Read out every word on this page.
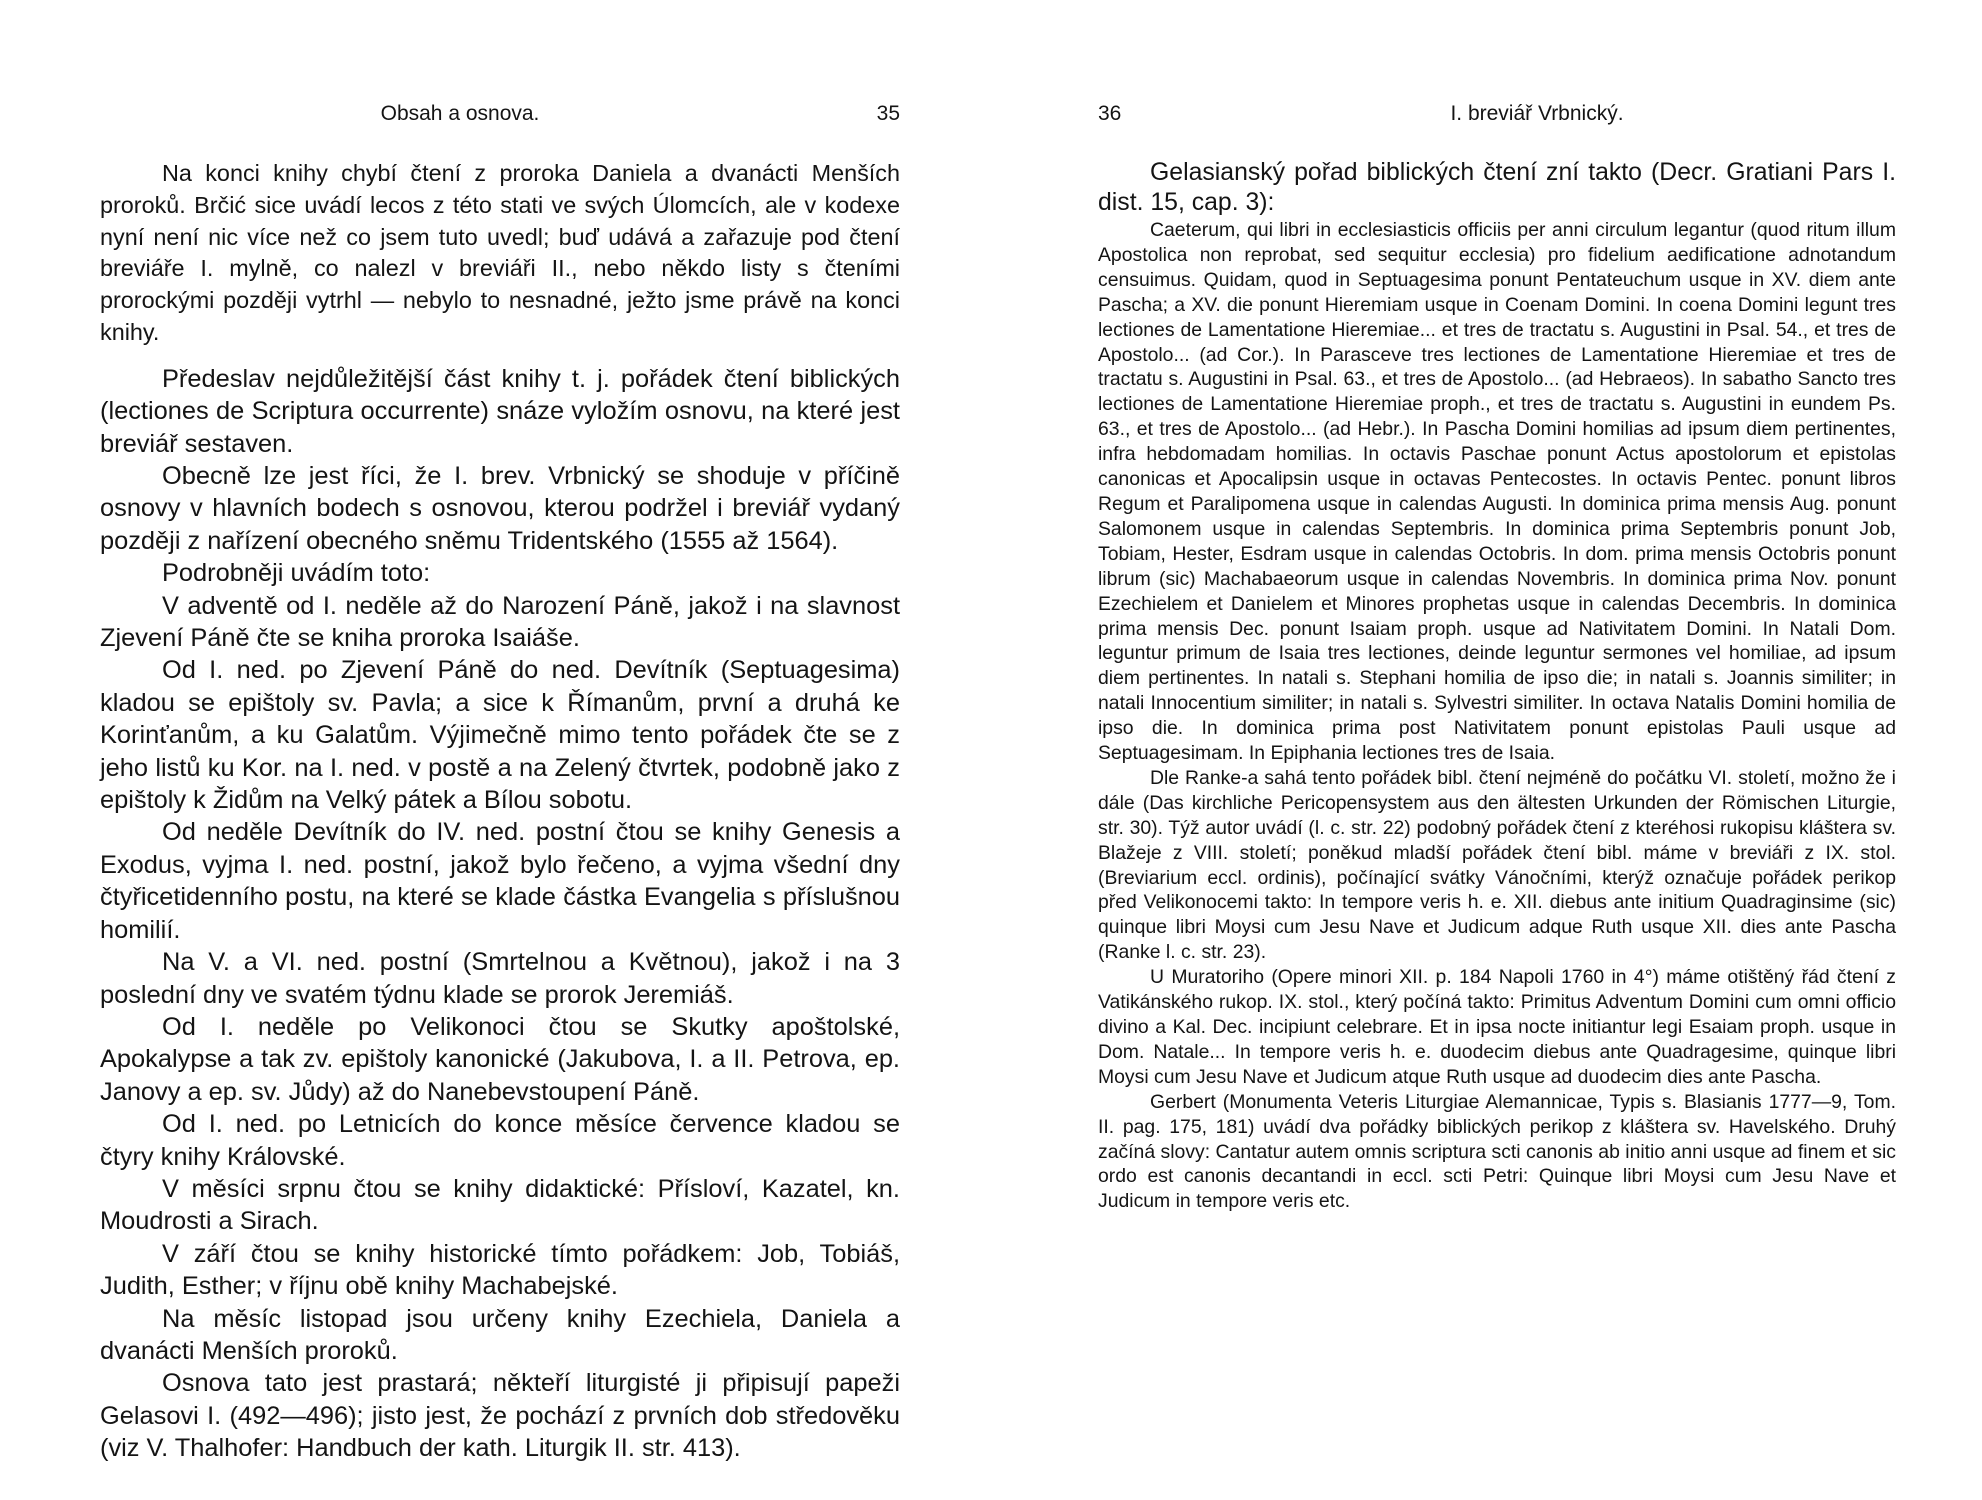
Obsah a osnova.	35

Na konci knihy chybí čtení z proroka Daniela a dvanácti Menších proroků. Brčić sice uvádí lecos z této stati ve svých Úlomcích, ale v kodexe nyní není nic více než co jsem tuto uvedl; buď udává a zařazuje pod čtení breviáře I. mylně, co nalezl v breviáři II., nebo někdo listy s čteními prorockými později vytrhl — nebylo to nesnadné, ježto jsme právě na konci knihy.

Předeslav nejdůležitější část knihy t. j. pořádek čtení biblických (lectiones de Scriptura occurrente) snáze vyložím osnovu, na které jest breviář sestaven.

Obecně lze jest říci, že I. brev. Vrbnický se shoduje v příčině osnovy v hlavních bodech s osnovou, kterou podržel i breviář vydaný později z nařízení obecného sněmu Tridentského (1555 až 1564).

Podrobněji uvádím toto:

V adventě od I. neděle až do Narození Páně, jakož i na slavnost Zjevení Páně čte se kniha proroka Isaiáše.

Od I. ned. po Zjevení Páně do ned. Devítník (Septuagesima) kladou se epištoly sv. Pavla; a sice k Římanům, první a druhá ke Korinťanům, a ku Galatům. Výjimečně mimo tento pořádek čte se z jeho listů ku Kor. na I. ned. v postě a na Zelený čtvrtek, podobně jako z epištoly k Židům na Velký pátek a Bílou sobotu.

Od neděle Devítník do IV. ned. postní čtou se knihy Genesis a Exodus, vyjma I. ned. postní, jakož bylo řečeno, a vyjma všední dny čtyřicetidenního postu, na které se klade částka Evangelia s příslušnou homilií.

Na V. a VI. ned. postní (Smrtelnou a Květnou), jakož i na 3 poslední dny ve svatém týdnu klade se prorok Jeremiáš.

Od I. neděle po Velikonoci čtou se Skutky apoštolské, Apokalypse a tak zv. epištoly kanonické (Jakubova, I. a II. Petrova, ep. Janovy a ep. sv. Jůdy) až do Nanebevstoupení Páně.

Od I. ned. po Letnicích do konce měsíce července kladou se čtyry knihy Královské.

V měsíci srpnu čtou se knihy didaktické: Přísloví, Kazatel, kn. Moudrosti a Sirach.

V září čtou se knihy historické tímto pořádkem: Job, Tobiáš, Judith, Esther; v říjnu obě knihy Machabejské.

Na měsíc listopad jsou určeny knihy Ezechiela, Daniela a dvanácti Menších proroků.

Osnova tato jest prastará; někteří liturgisté ji připisují papeži Gelasovi I. (492—496); jisto jest, že pochází z prvních dob středověku (viz V. Thalhofer: Handbuch der kath. Liturgik II. str. 413).

36	I. breviář Vrbnický.

Gelasianský pořad biblických čtení zní takto (Decr. Gratiani Pars I. dist. 15, cap. 3):

Caeterum, qui libri in ecclesiasticis officiis per anni circulum legantur (quod ritum illum Apostolica non reprobat, sed sequitur ecclesia) pro fidelium aedificatione adnotandum censuimus. Quidam, quod in Septuagesima ponunt Pentateuchum usque in XV. diem ante Pascha; a XV. die ponunt Hieremiam usque in Coenam Domini. In coena Domini legunt tres lectiones de Lamentatione Hieremiae... et tres de tractatu s. Augustini in Psal. 54., et tres de Apostolo... (ad Cor.). In Parasceve tres lectiones de Lamentatione Hieremiae et tres de tractatu s. Augustini in Psal. 63., et tres de Apostolo... (ad Hebraeos). In sabatho Sancto tres lectiones de Lamentatione Hieremiae proph., et tres de tractatu s. Augustini in eundem Ps. 63., et tres de Apostolo... (ad Hebr.). In Pascha Domini homilias ad ipsum diem pertinentes, infra hebdomadam homilias. In octavis Paschae ponunt Actus apostolorum et epistolas canonicas et Apocalipsin usque in octavas Pentecostes. In octavis Pentec. ponunt libros Regum et Paralipomena usque in calendas Augusti. In dominica prima mensis Aug. ponunt Salomonem usque in calendas Septembris. In dominica prima Septembris ponunt Job, Tobiam, Hester, Esdram usque in calendas Octobris. In dom. prima mensis Octobris ponunt librum (sic) Machabaeorum usque in calendas Novembris. In dominica prima Nov. ponunt Ezechielem et Danielem et Minores prophetas usque in calendas Decembris. In dominica prima mensis Dec. ponunt Isaiam proph. usque ad Nativitatem Domini. In Natali Dom. leguntur primum de Isaia tres lectiones, deinde leguntur sermones vel homiliae, ad ipsum diem pertinentes. In natali s. Stephani homilia de ipso die; in natali s. Joannis similiter; in natali Innocentium similiter; in natali s. Sylvestri similiter. In octava Natalis Domini homilia de ipso die. In dominica prima post Nativitatem ponunt epistolas Pauli usque ad Septuagesimam. In Epiphania lectiones tres de Isaia.

Dle Ranke-a sahá tento pořádek bibl. čtení nejméně do počátku VI. století, možno že i dále (Das kirchliche Pericopensystem aus den ältesten Urkunden der Römischen Liturgie, str. 30). Týž autor uvádí (l. c. str. 22) podobný pořádek čtení z kteréhosi rukopisu kláštera sv. Blažeje z VIII. století; poněkud mladší pořádek čtení bibl. máme v breviáři z IX. stol. (Breviarium eccl. ordinis), počínající svátky Vánočními, kterýž označuje pořádek perikop před Velikonocemi takto: In tempore veris h. e. XII. diebus ante initium Quadraginsime (sic) quinque libri Moysi cum Jesu Nave et Judicum adque Ruth usque XII. dies ante Pascha (Ranke l. c. str. 23).

U Muratoriho (Opere minori XII. p. 184 Napoli 1760 in 4°) máme otištěný řád čtení z Vatikánského rukop. IX. stol., který počíná takto: Primitus Adventum Domini cum omni officio divino a Kal. Dec. incipiunt celebrare. Et in ipsa nocte initiantur legi Esaiam proph. usque in Dom. Natale... In tempore veris h. e. duodecim diebus ante Quadragesime, quinque libri Moysi cum Jesu Nave et Judicum atque Ruth usque ad duodecim dies ante Pascha.

Gerbert (Monumenta Veteris Liturgiae Alemannicae, Typis s. Blasianis 1777—9, Tom. II. pag. 175, 181) uvádí dva pořádky biblických perikop z kláštera sv. Havelského. Druhý začíná slovy: Cantatur autem omnis scriptura scti canonis ab initio anni usque ad finem et sic ordo est canonis decantandi in eccl. scti Petri: Quinque libri Moysi cum Jesu Nave et Judicum in tempore veris etc.
